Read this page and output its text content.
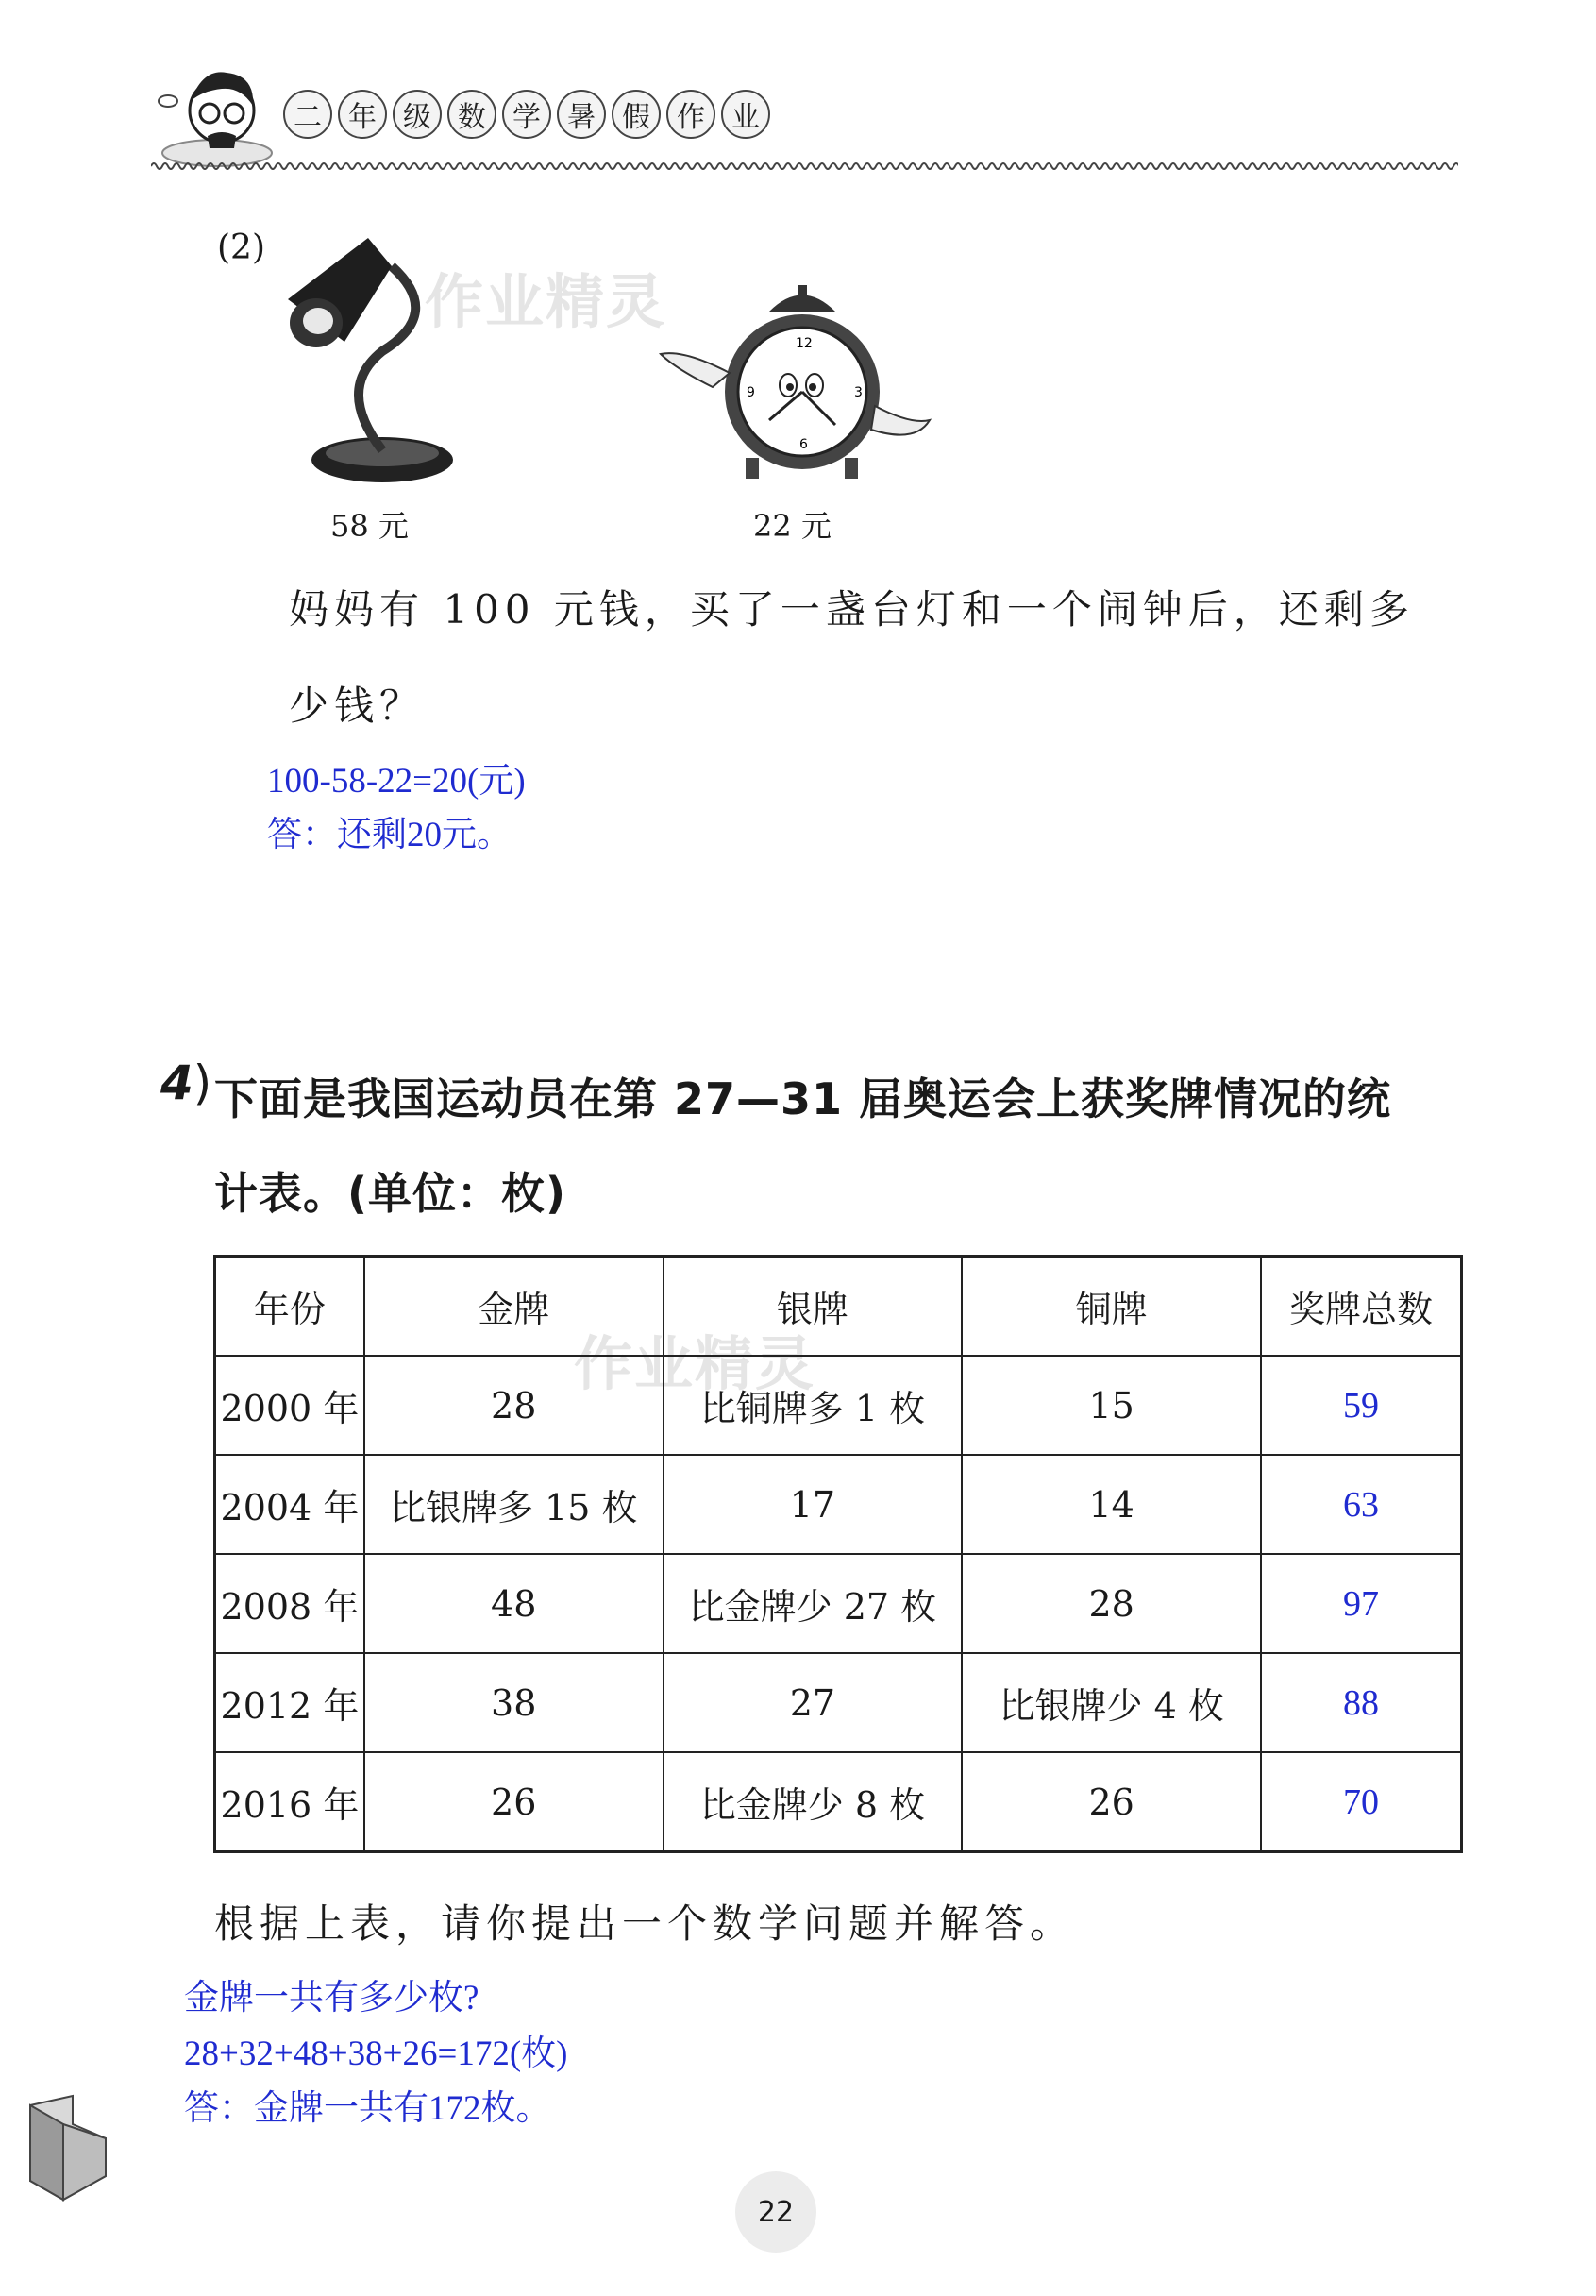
二 年 级 数 学 暑 假 作 业
作业精灵
作业精灵
(2)
58 元
12
3
6
9
22 元
妈妈有 100 元钱，买了一盏台灯和一个闹钟后，还剩多
少钱？
100-58-22=20(元)
答：还剩20元。
4) 下面是我国运动员在第 27—31 届奥运会上获奖牌情况的统
计表。(单位：枚)
年份	金牌	银牌	铜牌	奖牌总数
2000 年	28	比铜牌多 1 枚	15	59
2004 年	比银牌多 15 枚	17	14	63
2008 年	48	比金牌少 27 枚	28	97
2012 年	38	27	比银牌少 4 枚	88
2016 年	26	比金牌少 8 枚	26	70
根据上表，请你提出一个数学问题并解答。
金牌一共有多少枚?
28+32+48+38+26=172(枚)
答：金牌一共有172枚。
22
